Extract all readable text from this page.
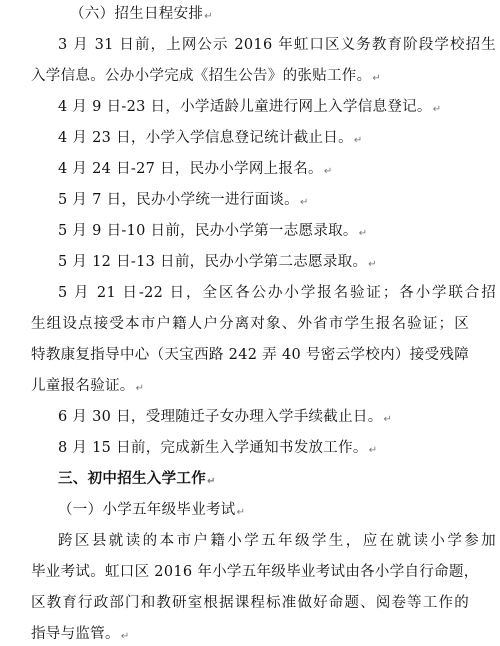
（六）招生日程安排↵
3 月 31 日前，上网公示 2016 年虹口区义务教育阶段学校招生
入学信息。公办小学完成《招生公告》的张贴工作。↵
4 月 9 日-23 日，小学适龄儿童进行网上入学信息登记。↵
4 月 23 日，小学入学信息登记统计截止日。↵
4 月 24 日-27 日，民办小学网上报名。↵
5 月 7 日，民办小学统一进行面谈。↵
5 月 9 日-10 日前，民办小学第一志愿录取。↵
5 月 12 日-13 日前，民办小学第二志愿录取。↵
5 月 21 日-22 日，全区各公办小学报名验证；各小学联合招
生组设点接受本市户籍人户分离对象、外省市学生报名验证；区
特教康复指导中心（天宝西路 242 弄 40 号密云学校内）接受残障
儿童报名验证。↵
6 月 30 日，受理随迁子女办理入学手续截止日。↵
8 月 15 日前，完成新生入学通知书发放工作。↵
三、初中招生入学工作↵
（一）小学五年级毕业考试↵
跨区县就读的本市户籍小学五年级学生，应在就读小学参加
毕业考试。虹口区 2016 年小学五年级毕业考试由各小学自行命题，
区教育行政部门和教研室根据课程标准做好命题、阅卷等工作的
指导与监管。↵
